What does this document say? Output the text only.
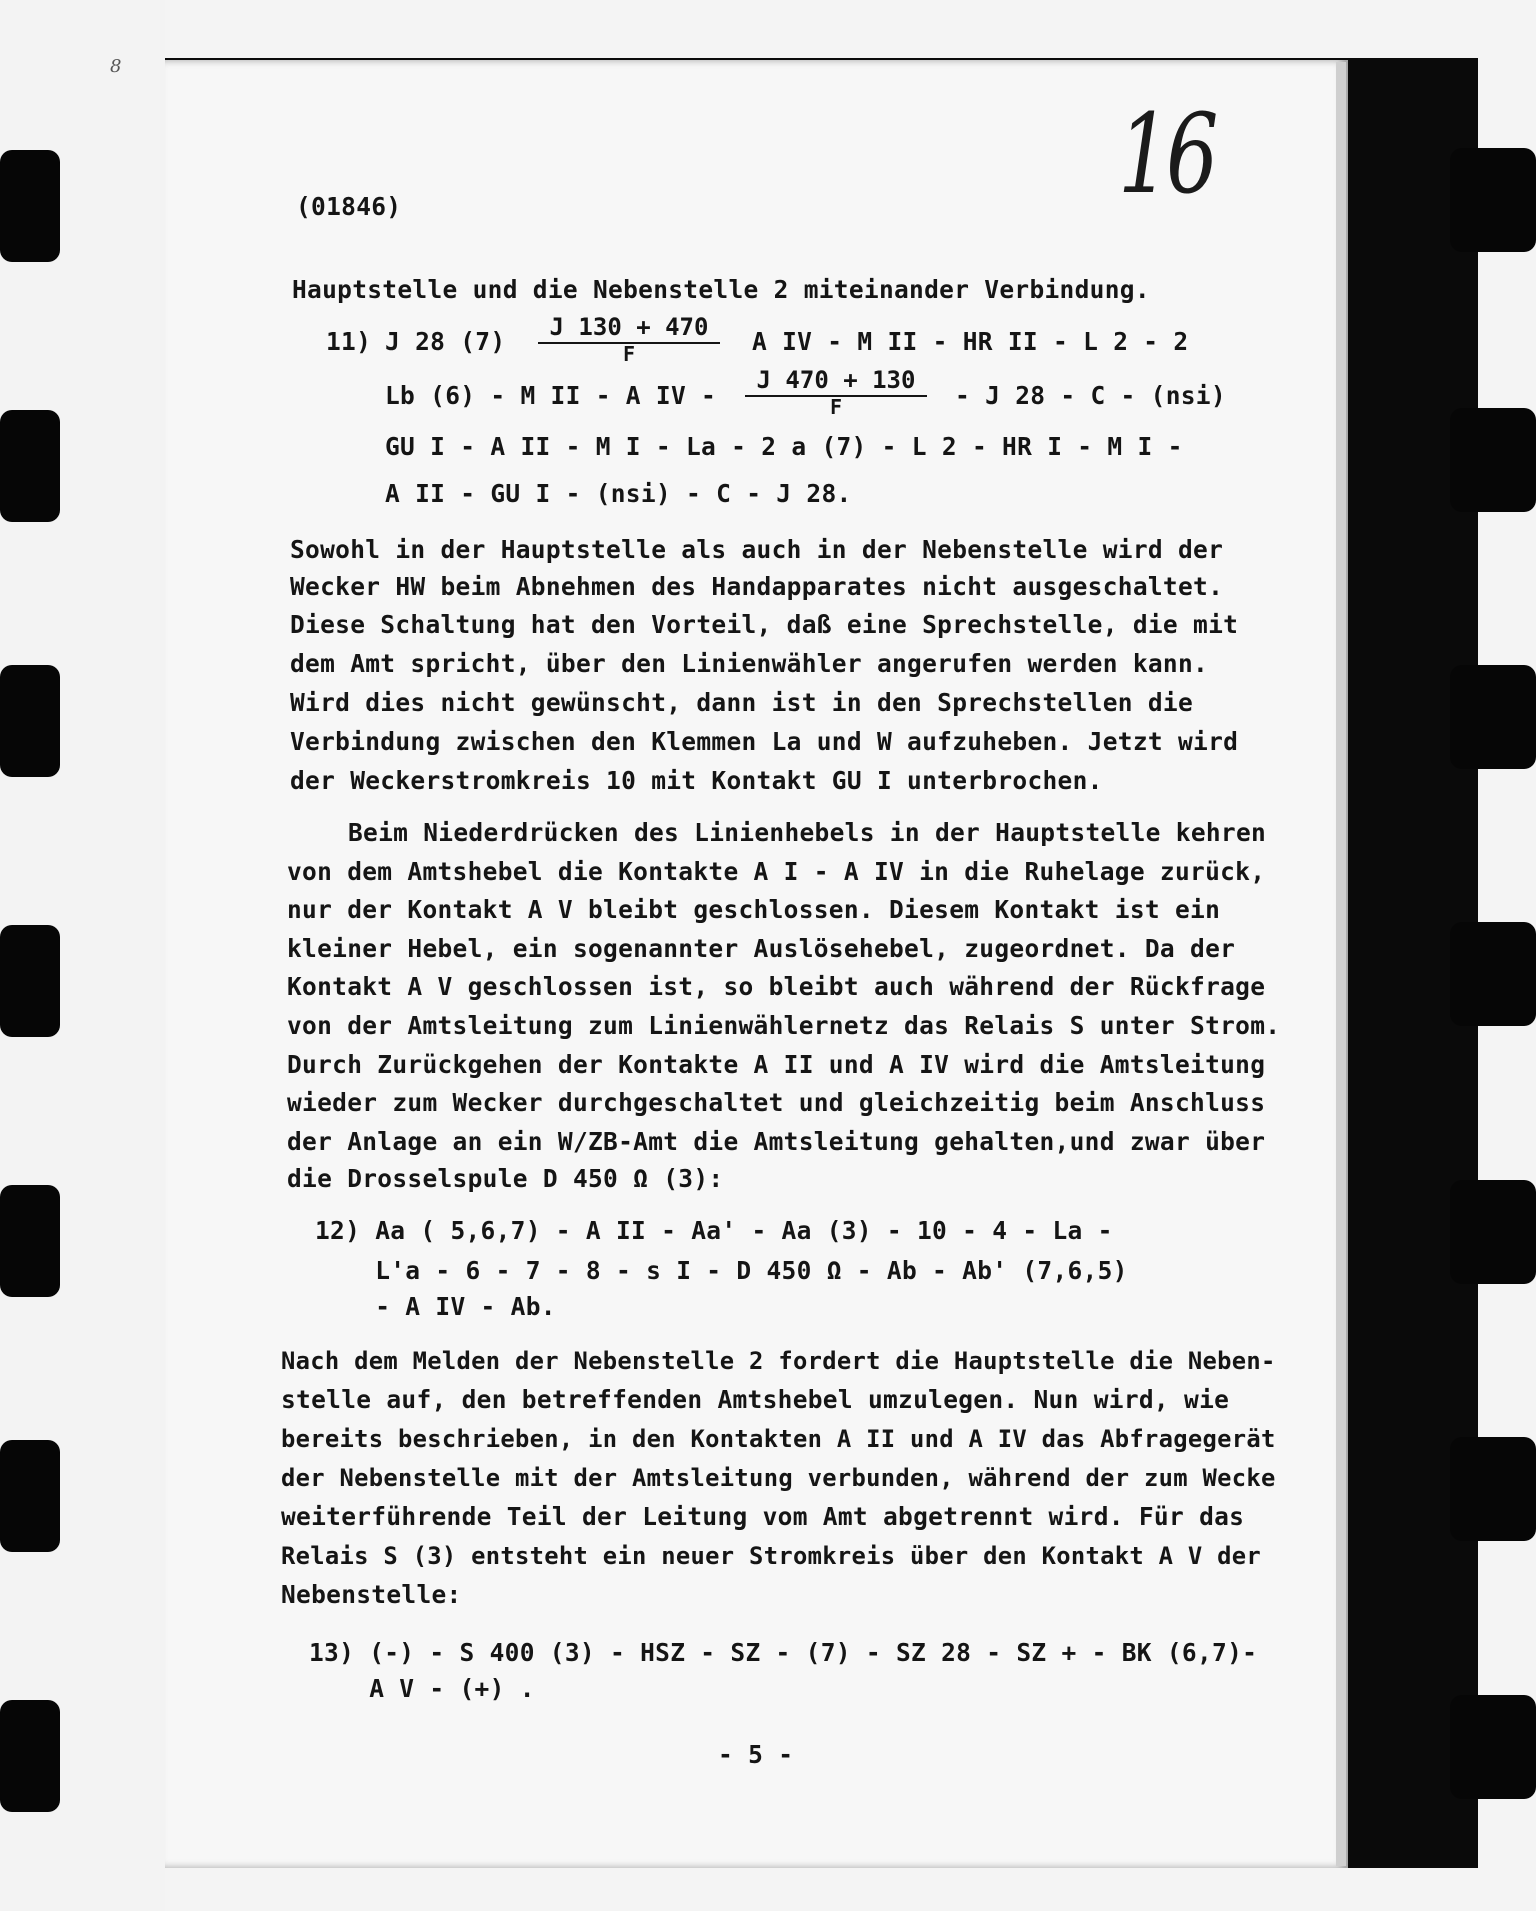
8
16
(01846)
Hauptstelle und die Nebenstelle 2 miteinander Verbindung.
11) J 28 (7)	J 130 + 470
F	A IV - M II - HR II - L 2 - 2
Lb (6) - M II - A IV -
J 470 + 130
F	- J 28 - C - (nsi)
GU I - A II - M I - La - 2 a (7) - L 2 - HR I - M I -
A II - GU I - (nsi) - C - J 28.
Sowohl in der Hauptstelle als auch in der Nebenstelle wird der
Wecker HW beim Abnehmen des Handapparates nicht ausgeschaltet.
Diese Schaltung hat den Vorteil, daß eine Sprechstelle, die mit
dem Amt spricht, über den Linienwähler angerufen werden kann.
Wird dies nicht gewünscht, dann ist in den Sprechstellen die
Verbindung zwischen den Klemmen La und W aufzuheben. Jetzt wird
der Weckerstromkreis 10 mit Kontakt GU I unterbrochen.
Beim Niederdrücken des Linienhebels in der Hauptstelle kehren
von dem Amtshebel die Kontakte A I - A IV in die Ruhelage zurück,
nur der Kontakt A V bleibt geschlossen. Diesem Kontakt ist ein
kleiner Hebel, ein sogenannter Auslösehebel, zugeordnet. Da der
Kontakt A V geschlossen ist, so bleibt auch während der Rückfrage
von der Amtsleitung zum Linienwählernetz das Relais S unter Strom.
Durch Zurückgehen der Kontakte A II und A IV wird die Amtsleitung
wieder zum Wecker durchgeschaltet und gleichzeitig beim Anschluss
der Anlage an ein W/ZB-Amt die Amtsleitung gehalten,und zwar über
die Drosselspule D 450 Ω (3):
12) Aa ( 5,6,7) - A II - Aa' - Aa (3) - 10 - 4 - La -
L'a - 6 - 7 - 8 - s I - D 450 Ω - Ab - Ab' (7,6,5)
- A IV - Ab.
Nach dem Melden der Nebenstelle 2 fordert die Hauptstelle die Neben-
stelle auf, den betreffenden Amtshebel umzulegen. Nun wird, wie
bereits beschrieben, in den Kontakten A II und A IV das Abfragegerät
der Nebenstelle mit der Amtsleitung verbunden, während der zum Wecke
weiterführende Teil der Leitung vom Amt abgetrennt wird. Für das
Relais S (3) entsteht ein neuer Stromkreis über den Kontakt A V der
Nebenstelle:
13) (-) - S 400 (3) - HSZ - SZ - (7) - SZ 28 - SZ + - BK (6,7)-
A V - (+) .
- 5 -
